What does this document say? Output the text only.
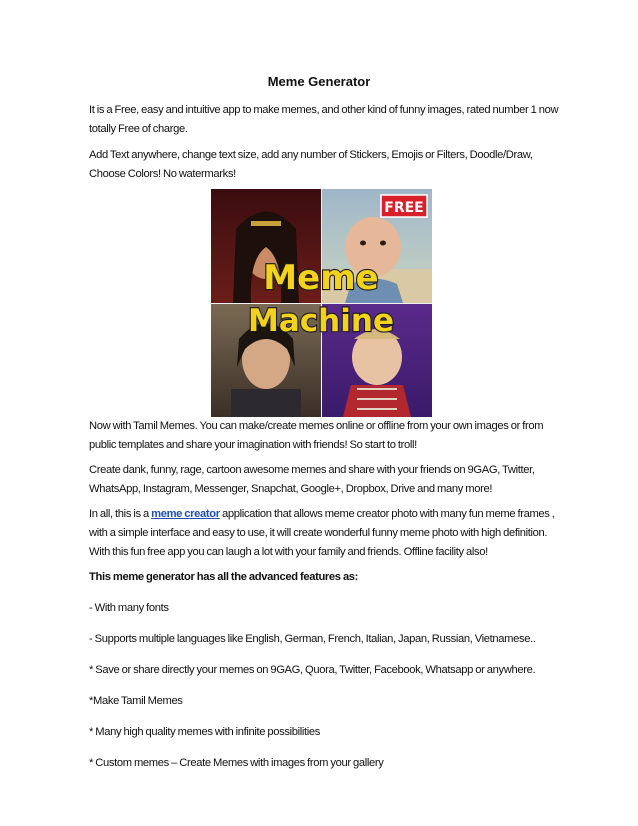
Meme Generator

It is a Free, easy and intuitive app to make memes, and other kind of funny images, rated number 1 now totally Free of charge.

Add Text anywhere, change text size, add any number of Stickers, Emojis or Filters, Doodle/Draw, Choose Colors! No watermarks!

FREE
Meme
Machine

Now with Tamil Memes. You can make/create memes online or offline from your own images or from public templates and share your imagination with friends! So start to troll!

Create dank, funny, rage, cartoon awesome memes and share with your friends on 9GAG, Twitter, WhatsApp, Instagram, Messenger, Snapchat, Google+, Dropbox, Drive and many more!

In all, this is a meme creator application that allows meme creator photo with many fun meme frames , with a simple interface and easy to use, it will create wonderful funny meme photo with high definition. With this fun free app you can laugh a lot with your family and friends. Offline facility also!

This meme generator has all the advanced features as:

- With many fonts

- Supports multiple languages like English, German, French, Italian, Japan, Russian, Vietnamese..

* Save or share directly your memes on 9GAG, Quora, Twitter, Facebook, Whatsapp or anywhere.

*Make Tamil Memes

* Many high quality memes with infinite possibilities

* Custom memes – Create Memes with images from your gallery
